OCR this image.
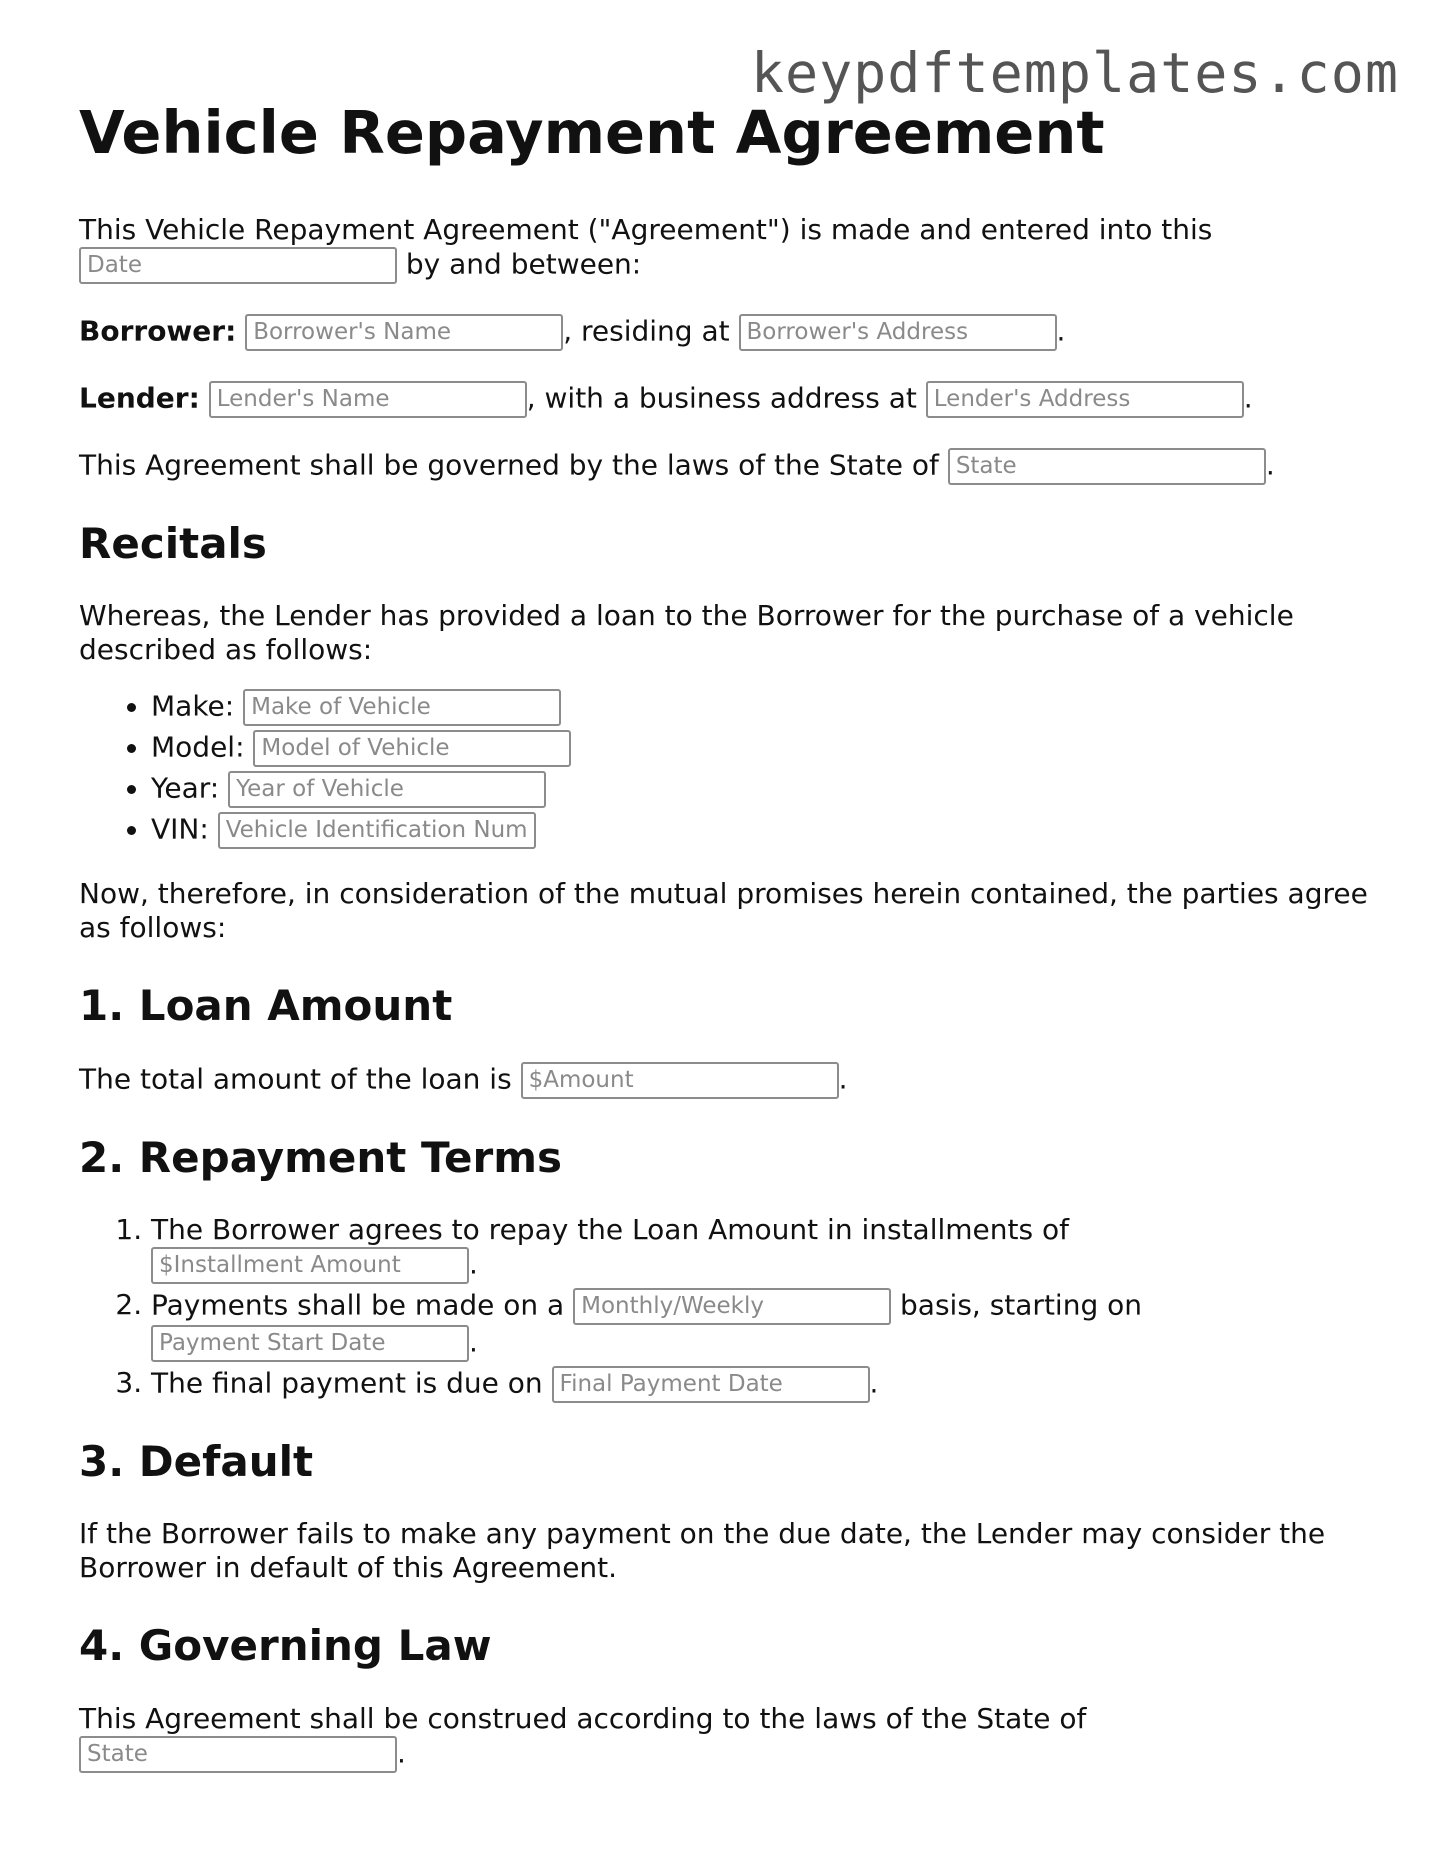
keypdftemplates.com
Vehicle Repayment Agreement

This Vehicle Repayment Agreement ("Agreement") is made and entered into this
Date	by and between:

Borrower: Borrower's Name	, residing at Borrower's Address	.

Lender: Lender's Name	, with a business address at Lender's Address	.

This Agreement shall be governed by the laws of the State of State	.

Recitals

Whereas, the Lender has provided a loan to the Borrower for the purchase of a vehicle described as follows:

• Make: Make of Vehicle
• Model: Model of Vehicle
• Year: Year of Vehicle
• VIN: Vehicle Identification Num

Now, therefore, in consideration of the mutual promises herein contained, the parties agree as follows:

1. Loan Amount

The total amount of the loan is $Amount	.

2. Repayment Terms
1. The Borrower agrees to repay the Loan Amount in installments of
$Installment Amount .
2. Payments shall be made on a Monthly/Weekly	basis, starting on
Payment Start Date	.
3. The final payment is due on Final Payment Date	.
3. Default

If the Borrower fails to make any payment on the due date, the Lender may consider the Borrower in default of this Agreement.

4. Governing Law

This Agreement shall be construed according to the laws of the State of
State	.
